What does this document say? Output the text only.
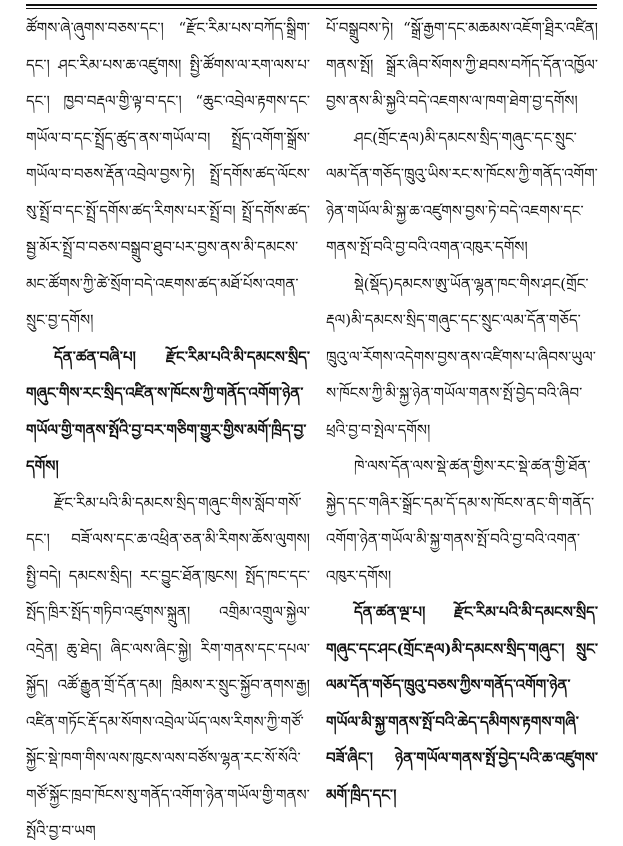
ཚོགས་ཞེ་ཞུགས་བཅས་དང་། “རྫོང་རིམ་པས་བཀོད་སྒྲིག་དང་། ཤང་རིམ་པས་ཆ་འཛུགས། སྤྱི་ཚོགས་ལ་རག་ལས་པ་དང་། ཁྱབ་བརྡལ་གྱི་ལྟ་བ་དང་། “ཆུང་འབྲེལ་རྟགས་དང་གཡོལ་བ་དང་སྤྲོད་ཚུད་ནས་གཡོལ་བ། སྤྲོད་འགོག་སྒྲོས་གཡོལ་བ་བཅས་རྡོན་འབྲེལ་བྱས་ཏེ། སྤྲོ་དགོས་ཚད་ལོངས་སུ་སྤྲོ་བ་དང་སྤྲོ་དགོས་ཚད་རིགས་པར་སྤྲོ་བ། སྤྲོ་དགོས་ཚད་སྦྱ་མོར་སྤྲོ་བ་བཅས་བསྒྲུབ་ཐུབ་པར་བྱས་ནས་མི་དམངས་མང་ཚོགས་ཀྱི་ཚེ་སྲོག་བདེ་འཇགས་ཚད་མཐོ་པོས་འགན་སྲུང་བྱ་དགོས།

དོན་ཚན་བཞི་པ། རྫོང་རིམ་པའི་མི་དམངས་སྲིད་གཞུང་གིས་རང་སྲིད་འཛིན་ས་ཁོངས་ཀྱི་གནོད་འགོག་ཉེན་གཡོལ་གྱི་གནས་སྤོའི་བྱ་བར་གཅིག་གྱུར་གྱིས་མགོ་ཁྲིད་བྱ་དགོས།

རྫོང་རིམ་པའི་མི་དམངས་སྲིད་གཞུང་གིས་སློབ་གསོ་དང་། བཟོ་ལས་དང་ཆ་འཕྲིན་ཅན་མི་རིགས་ཆོས་ལུགས། སྤྱི་བདེ། དམངས་སྲིད། རང་བྱུང་ཐོན་ཁུངས། སྤོད་ཁང་དང་སྤོད་ཁྲིར་སྤོད་གཏིབ་འཛུགས་སྐྲུན། འགྲིམ་འགྲུལ་སྐྱེལ་འདྲེན། ཆུ་ཐེད། ཞིང་ལས་ཞིང་སྐྱེ། རིག་གནས་དང་དཔལ་སྐྱོད། འཚོ་རྒྱུན་གྲོ་དོན་དམ། ཁྲིམས་ར་སྲུང་སྐྱོབ་ནགས་རྒྱ། འཛིན་གཏོང་རྡོ་དམ་སོགས་འབྲེལ་ཡོད་ལས་རིགས་ཀྱི་གཙོ་སྐྱོང་སྡེ་ཁག་གིས་ལས་ཁུངས་ལས་བཙོས་ལྷན་རང་སོ་སོའི་གཙོ་སྐྱོང་ཁྲབ་ཁོངས་སུ་གནོད་འགོག་ཉེན་གཡོལ་གྱི་གནས་སྤོའི་བྱ་བ་ཡག

པོ་བསྒྲུབས་ཏེ། “སྒྲོ་རྒྱག་དང་མཆམས་འཇོག་ཐྲིར་འཛིན། གནས་སྤོ། སྒྲོར་ཞིབ་སོགས་ཀྱི་ཐབས་བཀོད་དོན་འཁྱོལ་བྱས་ནས་མི་སྐྱའི་བདེ་འཇགས་ལ་ཁག་ཐེག་བྱ་དགོས།

ཤང(གྲོང་རྡལ)མི་དམངས་སྲིད་གཞུང་དང་སྲུང་ལམ་དོན་གཅོད་ཁྲུའུ་ཡིས་རང་ས་ཁོངས་ཀྱི་གནོད་འགོག་ཉེན་གཡོལ་མི་སྐྱ་ཆ་འཛུགས་བྱས་ཏེ་བདེ་འཇགས་དང་གནས་སྤོ་བའི་བྱ་བའི་འགན་འཁུར་དགོས།

སྡེ(སྡོད)དམངས་ཨུ་ཡོན་ལྷན་ཁང་གིས་ཤང(གྲོང་རྡལ)མི་དམངས་སྲིད་གཞུང་དང་སྲུང་ལམ་དོན་གཅོད་ཁྲུའུ་ལ་རོགས་འདེགས་བྱས་ནས་འཛིགས་པ་ཞིབས་ཡུལ་ས་ཁོངས་ཀྱི་མི་སྐྱ་ཉེན་གཡོལ་གནས་སྤོ་བྱེད་བའི་ཞིབ་ཕྲའི་བྱ་བ་སྤེལ་དགོས།

ཁེ་ལས་དོན་ལས་སྡེ་ཚན་གྱིས་རང་སྡེ་ཚན་གྱི་ཐོན་སྐྱེད་དང་གཞིར་སྒྲོང་དམ་དོ་དམ་ས་ཁོངས་ནང་གི་གནོད་འགོག་ཉེན་གཡོལ་མི་སྐྱ་གནས་སྤོ་བའི་བྱ་བའི་འགན་འཁུར་དགོས།

དོན་ཚན་ལྔ་པ། རྫོང་རིམ་པའི་མི་དམངས་སྲིད་གཞུང་དང་ཤང(གྲོང་རྡལ)མི་དམངས་སྲིད་གཞུང་། སྲུང་ལམ་དོན་གཅོད་ཁྲུའུ་བཅས་ཀྱིས་གནོད་འགོག་ཉེན་གཡོལ་མི་སྐྱ་གནས་སྤོ་བའི་ཆེད་དམིགས་རྟགས་གཞི་བཟོ་ཞིང་། ཉེན་གཡོལ་གནས་སྤོ་བྱེད་པའི་ཆ་འཛུགས་མགོ་ཁྲིད་དང་།
